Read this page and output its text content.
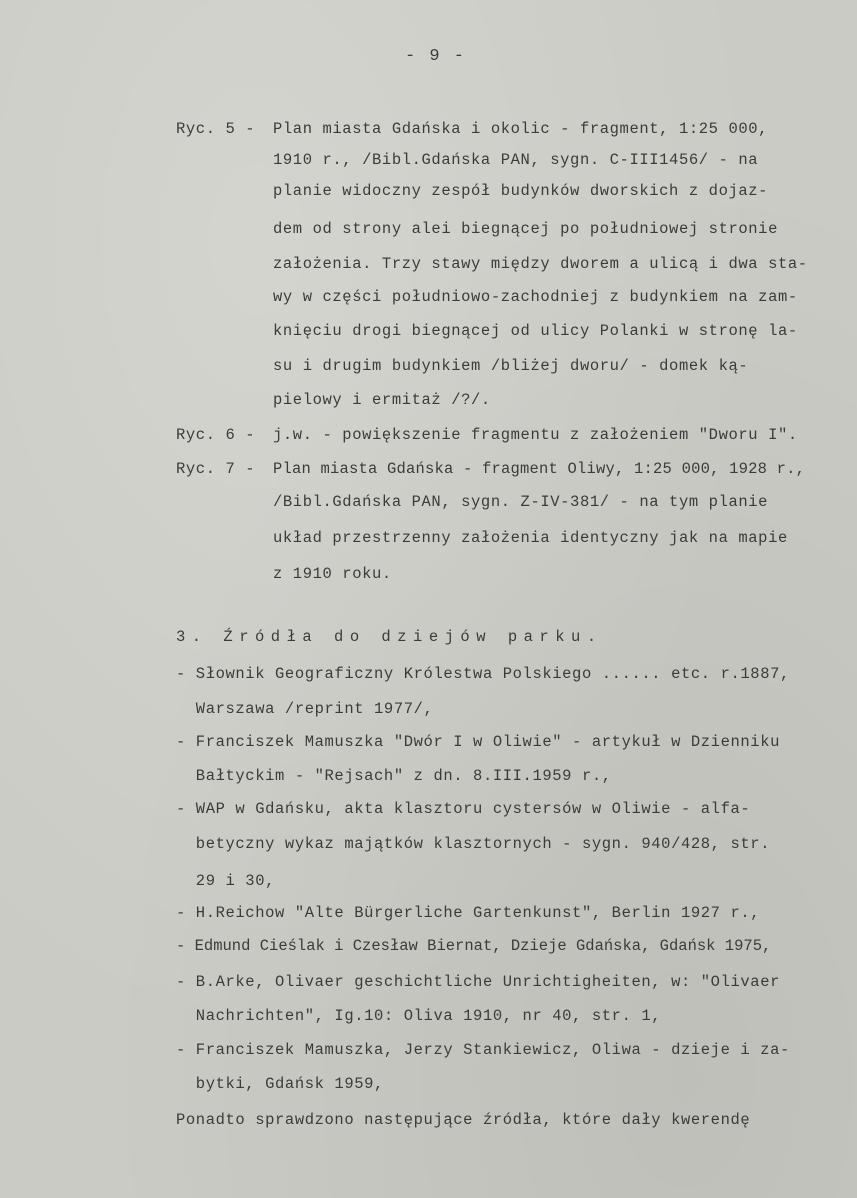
- 9 -
Ryc. 5 - Plan miasta Gdańska i okolic - fragment, 1:25 000,
1910 r., /Bibl.Gdańska PAN, sygn. C-III1456/ - na
planie widoczny zespół budynków dworskich z dojaz-
dem od strony alei biegnącej po południowej stronie
założenia. Trzy stawy między dworem a ulicą i dwa sta-
wy w części południowo-zachodniej z budynkiem na zam-
knięciu drogi biegnącej od ulicy Polanki w stronę la-
su i drugim budynkiem /bliżej dworu/ - domek ką-
pielowy i ermitaż /?/.
Ryc. 6 - j.w. - powiększenie fragmentu z założeniem "Dworu I".
Ryc. 7 - Plan miasta Gdańska - fragment Oliwy, 1:25 000, 1928 r.,
/Bibl.Gdańska PAN, sygn. Z-IV-381/ - na tym planie
układ przestrzenny założenia identyczny jak na mapie
z 1910 roku.
3. Źródła do dziejów parku.
- Słownik Geograficzny Królestwa Polskiego ...... etc. r.1887,
Warszawa /reprint 1977/,
- Franciszek Mamuszka "Dwór I w Oliwie" - artykuł w Dzienniku
Bałtyckim - "Rejsach" z dn. 8.III.1959 r.,
- WAP w Gdańsku, akta klasztoru cystersów w Oliwie - alfa-
betyczny wykaz majątków klasztornych - sygn. 940/428, str.
29 i 30,
- H.Reichow "Alte Bürgerliche Gartenkunst", Berlin 1927 r.,
- Edmund Cieślak i Czesław Biernat, Dzieje Gdańska, Gdańsk 1975,
- B.Arke, Olivaer geschichtliche Unrichtigheiten, w: "Olivaer
Nachrichten", Ig.10: Oliva 1910, nr 40, str. 1,
- Franciszek Mamuszka, Jerzy Stankiewicz, Oliwa - dzieje i za-
bytki, Gdańsk 1959,
Ponadto sprawdzono następujące źródła, które dały kwerendę
